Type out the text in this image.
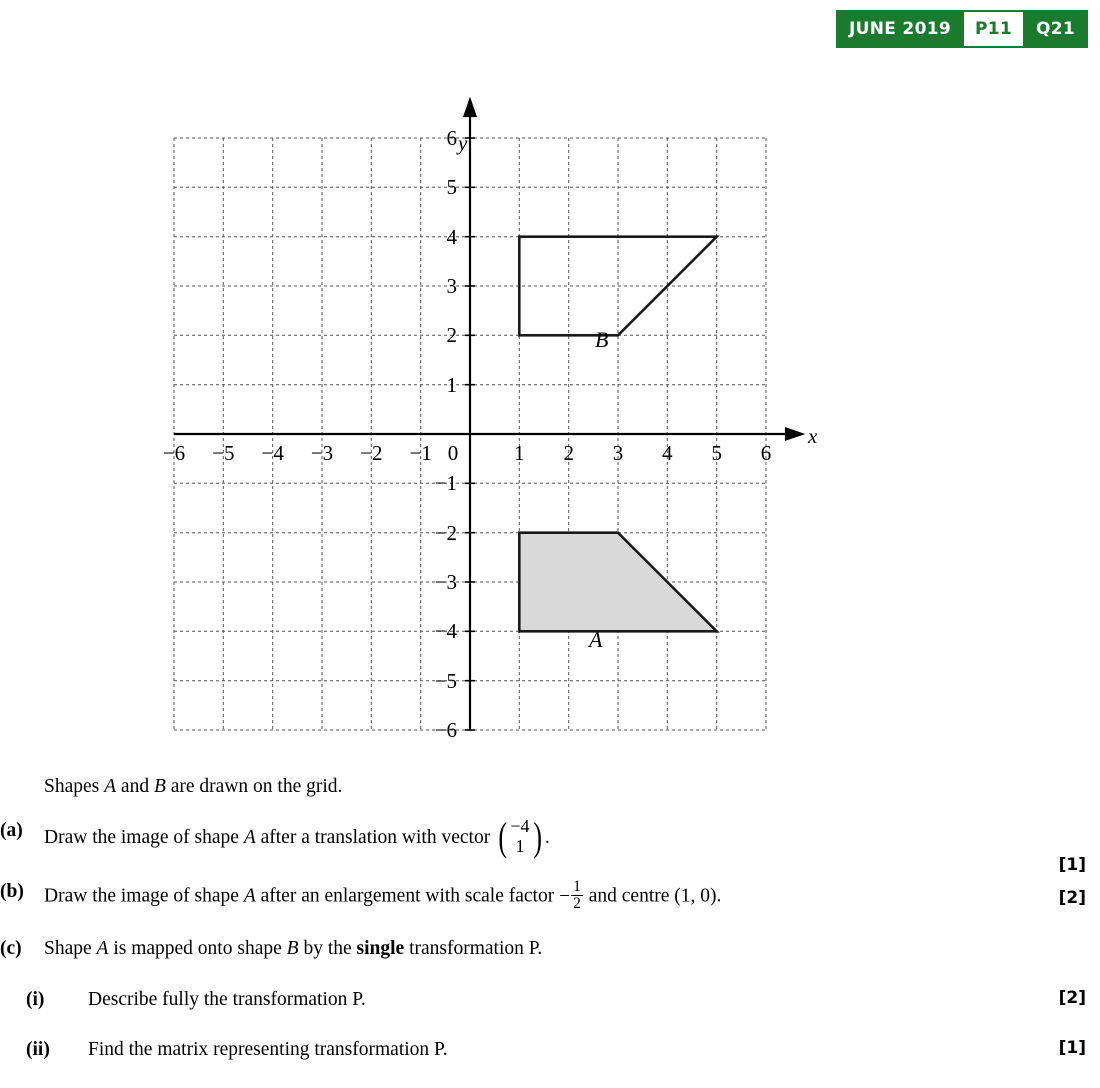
JUNE 2019	P11	Q21
B
A
y
x
−6 −5 −4 −3 −2 −1 0	1 2 3 4 5 6
6
5
4
3
2
1
−1
−2
−3
−4
−5
−6
Shapes A and B are drawn on the grid.
(a)	Draw the image of shape A after a translation with vector ( −4
1 ) .
[1]
(b)	Draw the image of shape A after an enlargement with scale factor − $\frac{1}{2}$ and centre (1, 0).	[2]
(c)	Shape A is mapped onto shape B by the single transformation P.
(i)	Describe fully the transformation P.	[2]
(ii)	Find the matrix representing transformation P.	[1]
